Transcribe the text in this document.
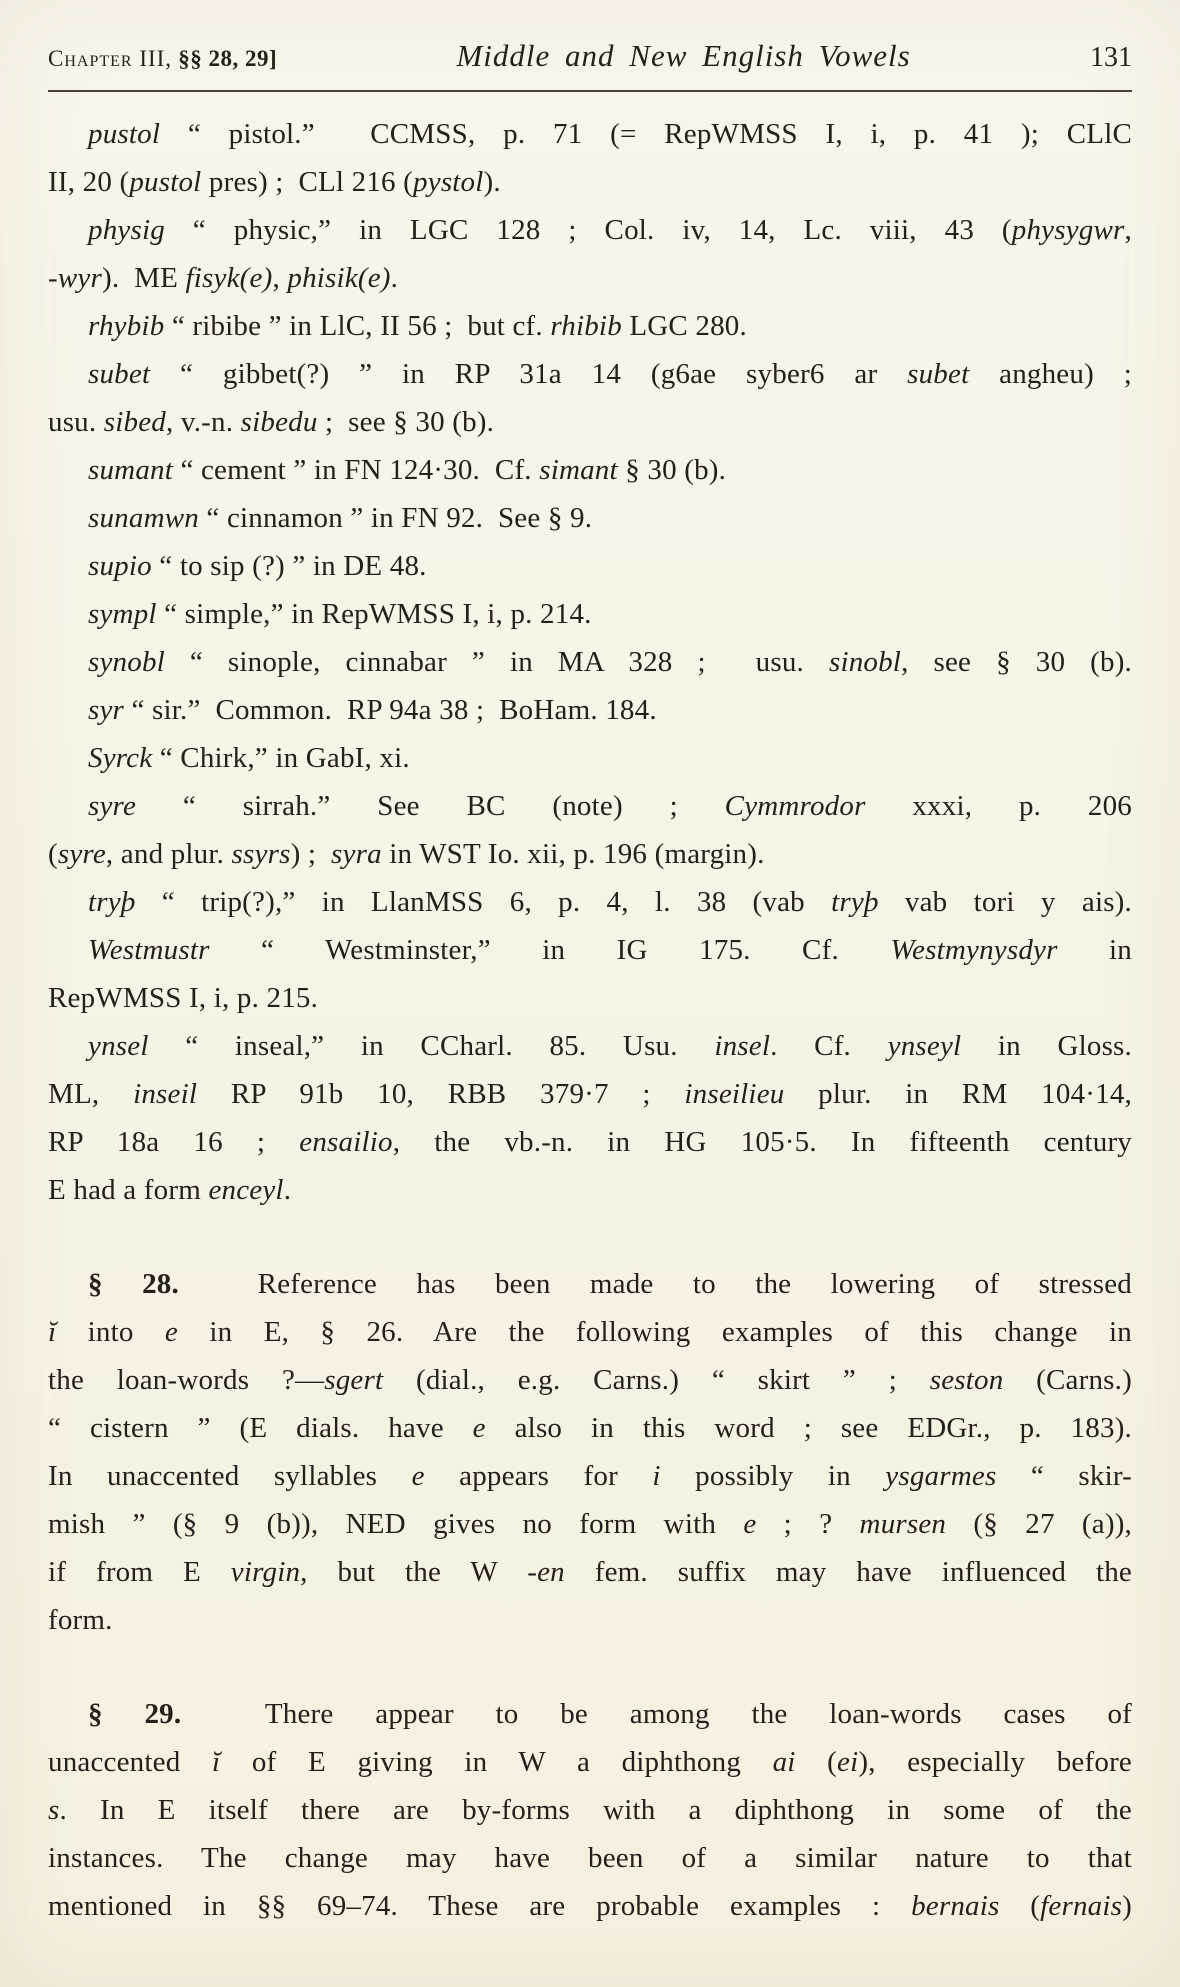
Chapter III, §§ 28, 29]	Middle and New English Vowels	131
pustol “ pistol.”  CCMSS, p. 71 (= RepWMSS I, i, p. 41 ); CLlC
II, 20 (pustol pres) ;  CLl 216 (pystol).
physig “ physic,” in LGC 128 ; Col. iv, 14, Lc. viii, 43 (physygwr,
-wyr).  ME fisyk(e), phisik(e).
rhybib “ ribibe ” in LlC, II 56 ;  but cf. rhibib LGC 280.
subet “ gibbet(?) ” in RP 31a 14 (g6ae syber6 ar subet angheu) ;
usu. sibed, v.-n. sibedu ;  see § 30 (b).
sumant “ cement ” in FN 124·30.  Cf. simant § 30 (b).
sunamwn “ cinnamon ” in FN 92.  See § 9.
supio “ to sip (?) ” in DE 48.
sympl “ simple,” in RepWMSS I, i, p. 214.
synobl “ sinople, cinnabar ” in MA 328 ;  usu. sinobl, see § 30 (b).
syr “ sir.”  Common.  RP 94a 38 ;  BoHam. 184.
Syrck “ Chirk,” in GabI, xi.
syre “ sirrah.” See BC (note) ; Cymmrodor xxxi, p. 206
(syre, and plur. ssyrs) ;  syra in WST Io. xii, p. 196 (margin).
tryþ “ trip(?),” in LlanMSS 6, p. 4, l. 38 (vab tryþ vab tori y ais).
Westmustr “ Westminster,” in IG 175. Cf. Westmynysdyr in
RepWMSS I, i, p. 215.
ynsel “ inseal,” in CCharl. 85. Usu. insel. Cf. ynseyl in Gloss.
ML, inseil RP 91b 10, RBB 379·7 ; inseilieu plur. in RM 104·14,
RP 18a 16 ; ensailio, the vb.-n. in HG 105·5. In fifteenth century
E had a form enceyl.
§ 28.  Reference has been made to the lowering of stressed
ĭ into e in E, § 26. Are the following examples of this change in
the loan-words ?—sgert (dial., e.g. Carns.) “ skirt ” ; seston (Carns.)
“ cistern ” (E dials. have e also in this word ; see EDGr., p. 183).
In unaccented syllables e appears for i possibly in ysgarmes “ skir-
mish ” (§ 9 (b)), NED gives no form with e ; ? mursen (§ 27 (a)),
if from E virgin, but the W -en fem. suffix may have influenced the
form.
§ 29.  There appear to be among the loan-words cases of
unaccented ĭ of E giving in W a diphthong ai (ei), especially before
s. In E itself there are by-forms with a diphthong in some of the
instances. The change may have been of a similar nature to that
mentioned in §§ 69–74. These are probable examples : bernais (fernais)
